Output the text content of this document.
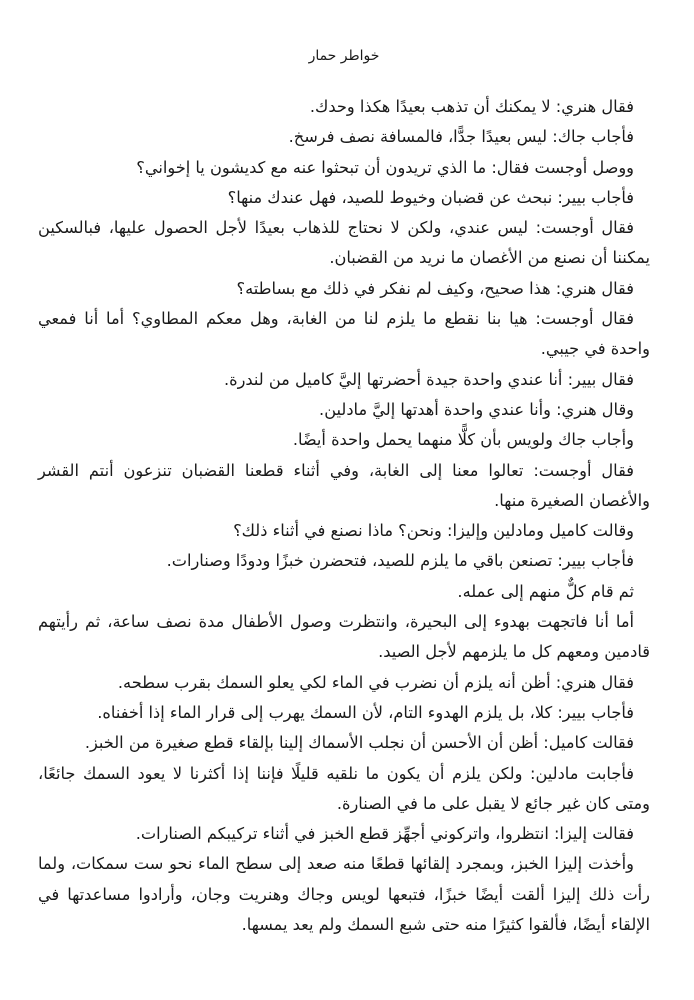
خواطر حمار

فقال هنري: لا يمكنك أن تذهب بعيدًا هكذا وحدك.

فأجاب جاك: ليس بعيدًا جدًّا، فالمسافة نصف فرسخ.

ووصل أوجست فقال: ما الذي تريدون أن تبحثوا عنه مع كديشون يا إخواني؟

فأجاب بيير: نبحث عن قضبان وخيوط للصيد، فهل عندك منها؟

فقال أوجست: ليس عندي، ولكن لا نحتاج للذهاب بعيدًا لأجل الحصول عليها، فبالسكين يمكننا أن نصنع من الأغصان ما نريد من القضبان.

فقال هنري: هذا صحيح، وكيف لم نفكر في ذلك مع بساطته؟

فقال أوجست: هيا بنا نقطع ما يلزم لنا من الغابة، وهل معكم المطاوي؟ أما أنا فمعي واحدة في جيبي.

فقال بيير: أنا عندي واحدة جيدة أحضرتها إليَّ كاميل من لندرة.

وقال هنري: وأنا عندي واحدة أهدتها إليَّ مادلين.

وأجاب جاك ولويس بأن كلًّا منهما يحمل واحدة أيضًا.

فقال أوجست: تعالوا معنا إلى الغابة، وفي أثناء قطعنا القضبان تنزعون أنتم القشر والأغصان الصغيرة منها.

وقالت كاميل ومادلين وإليزا: ونحن؟ ماذا نصنع في أثناء ذلك؟

فأجاب بيير: تصنعن باقي ما يلزم للصيد، فتحضرن خبزًا ودودًا وصنارات.

ثم قام كلٌّ منهم إلى عمله.

أما أنا فاتجهت بهدوء إلى البحيرة، وانتظرت وصول الأطفال مدة نصف ساعة، ثم رأيتهم قادمين ومعهم كل ما يلزمهم لأجل الصيد.

فقال هنري: أظن أنه يلزم أن نضرب في الماء لكي يعلو السمك بقرب سطحه.

فأجاب بيير: كلا، بل يلزم الهدوء التام، لأن السمك يهرب إلى قرار الماء إذا أخفناه.

فقالت كاميل: أظن أن الأحسن أن نجلب الأسماك إلينا بإلقاء قطع صغيرة من الخبز.

فأجابت مادلين: ولكن يلزم أن يكون ما نلقيه قليلًا فإننا إذا أكثرنا لا يعود السمك جائعًا، ومتى كان غير جائع لا يقبل على ما في الصنارة.

فقالت إليزا: انتظروا، واتركوني أجهِّز قطع الخبز في أثناء تركيبكم الصنارات.

وأخذت إليزا الخبز، وبمجرد إلقائها قطعًا منه صعد إلى سطح الماء نحو ست سمكات، ولما رأت ذلك إليزا ألقت أيضًا خبزًا، فتبعها لويس وجاك وهنريت وجان، وأرادوا مساعدتها في الإلقاء أيضًا، فألقوا كثيرًا منه حتى شبع السمك ولم يعد يمسها.
